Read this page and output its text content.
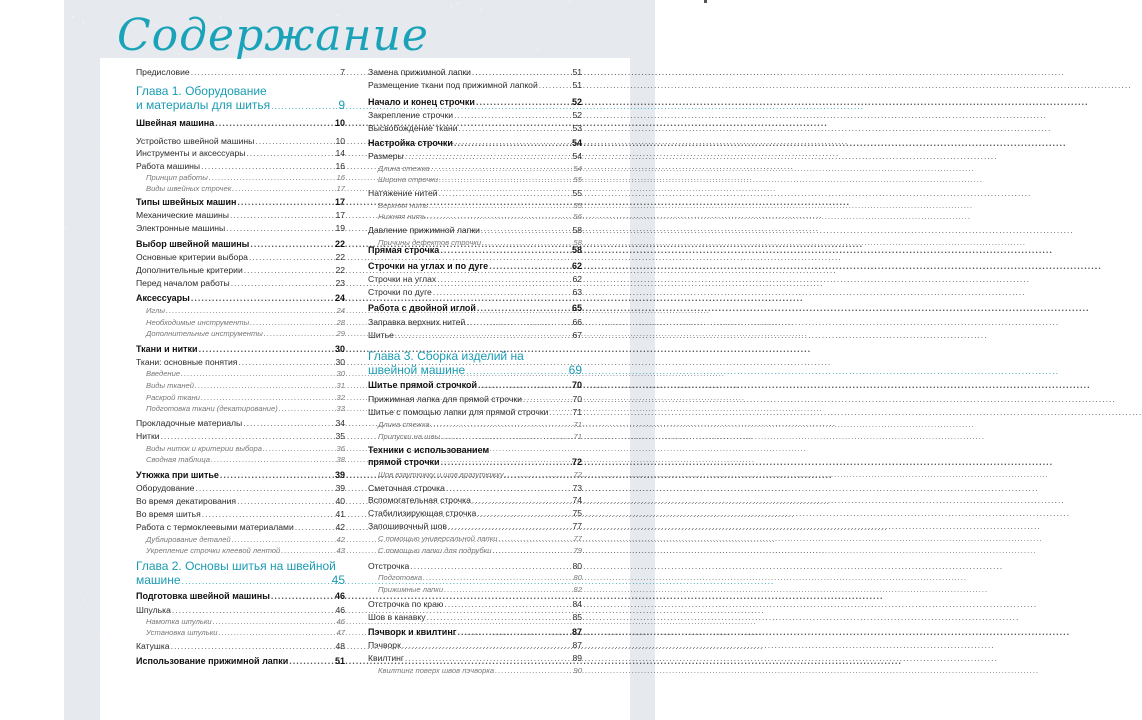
Содержание
Предисловие .....	7
Глава 1. Оборудование
и материалы для шитья .....	9
Швейная машина .....	10
Устройство швейной машины .....	10
Инструменты и аксессуары .....	14
Работа машины .....	16
Принцип работы .....	16
Виды швейных строчек .....	17
Типы швейных машин .....	17
Механические машины .....	17
Электронные машины .....	19
Выбор швейной машины .....	22
Основные критерии выбора .....	22
Дополнительные критерии .....	22
Перед началом работы .....	23
Аксессуары .....	24
Иглы .....	24
Необходимые инструменты .....	28
Дополнительные инструменты .....	29
Ткани и нитки .....	30
Ткани: основные понятия .....	30
Введение .....	30
Виды тканей .....	31
Раскрой ткани .....	32
Подготовка ткани (декатирование) .....	33
Прокладочные материалы .....	34
Нитки .....	35
Виды ниток и критерии выбора .....	36
Сводная таблица .....	38
Утюжка при шитье .....	39
Оборудование .....	39
Во время декатирования .....	40
Во время шитья .....	41
Работа с термоклеевыми материалами .....	42
Дублирование деталей .....	42
Укрепление строчки клеевой лентой .....	43
Глава 2. Основы шитья на швейной
машине .....	45
Подготовка швейной машины .....	46
Шпулька .....	46
Намотка шпульки .....	46
Установка шпульки .....	47
Катушка .....	48
Использование прижимной лапки .....	51
Замена прижимной лапки .....	51
Размещение ткани под прижимной лапкой .....	51
Начало и конец строчки .....	52
Закрепление строчки .....	52
Высвобождение ткани .....	53
Настройка строчки .....	54
Размеры .....	54
Длина стежка .....	54
Ширина строчки .....	55
Натяжение нитей .....	55
Верхняя нить .....	55
Нижняя нить .....	56
Давление прижимной лапки .....	58
Причины дефектов строчки .....	58
Прямая строчка .....	58
Строчки на углах и по дуге .....	62
Строчки на углах .....	62
Строчки по дуге .....	63
Работа с двойной иглой .....	65
Заправка верхних нитей .....	66
Шитье .....	67
Глава 3. Сборка изделий на
швейной машине .....	69
Шитье прямой строчкой .....	70
Прижимная лапка для прямой строчки .....	70
Шитье с помощью лапки для прямой строчки .....	71
Длина стежка .....	71
Припуски на швы .....	71
Техники с использованием
прямой строчки .....	72
Шов взаутюжку и шов вразутюжку .....	72
Сметочная строчка .....	73
Вспомогательная строчка .....	74
Стабилизирующая строчка .....	75
Запошивочный шов .....	77
С помощью универсальной лапки .....	77
С помощью лапки для подрубки .....	79
Отстрочка .....	80
Подготовка .....	80
Прижимные лапки .....	82
Отстрочка по краю .....	84
Шов в канавку .....	85
Пэчворк и квилтинг .....	87
Пэчворк .....	87
Квилтинг .....	89
Квилтинг поверх швов пэчворка .....	90
